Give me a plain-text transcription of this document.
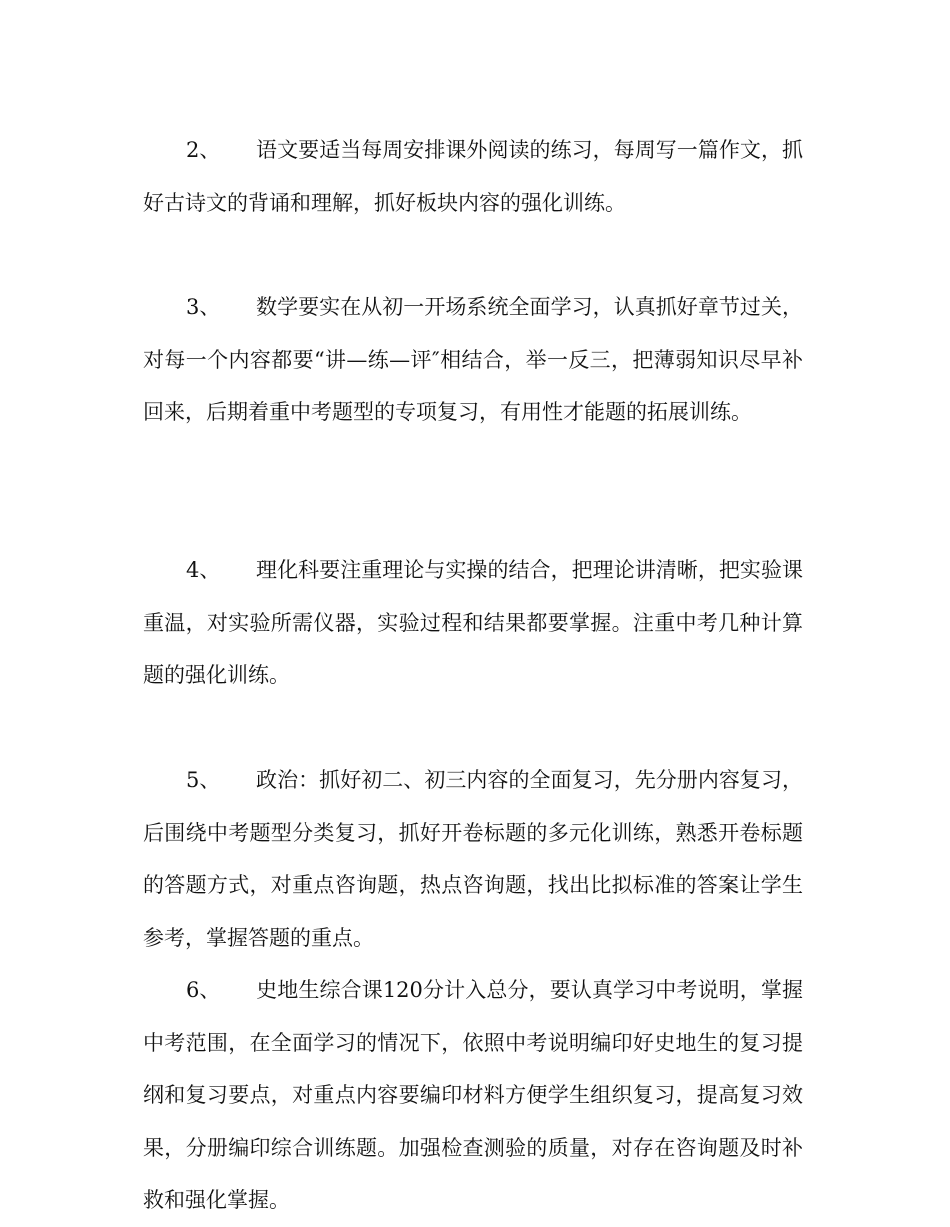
2、 语文要适当每周安排课外阅读的练习，每周写一篇作文，抓好古诗文的背诵和理解，抓好板块内容的强化训练。

3、 数学要实在从初一开场系统全面学习，认真抓好章节过关，对每一个内容都要“讲—练—评″相结合，举一反三，把薄弱知识尽早补回来，后期着重中考题型的专项复习，有用性才能题的拓展训练。

4、 理化科要注重理论与实操的结合，把理论讲清晰，把实验课重温，对实验所需仪器，实验过程和结果都要掌握。注重中考几种计算题的强化训练。

5、 政治：抓好初二、初三内容的全面复习，先分册内容复习，后围绕中考题型分类复习，抓好开卷标题的多元化训练，熟悉开卷标题的答题方式，对重点咨询题，热点咨询题，找出比拟标准的答案让学生参考，掌握答题的重点。

6、 史地生综合课120分计入总分，要认真学习中考说明，掌握中考范围，在全面学习的情况下，依照中考说明编印好史地生的复习提纲和复习要点，对重点内容要编印材料方便学生组织复习，提高复习效果，分册编印综合训练题。加强检查测验的质量，对存在咨询题及时补救和强化掌握。
